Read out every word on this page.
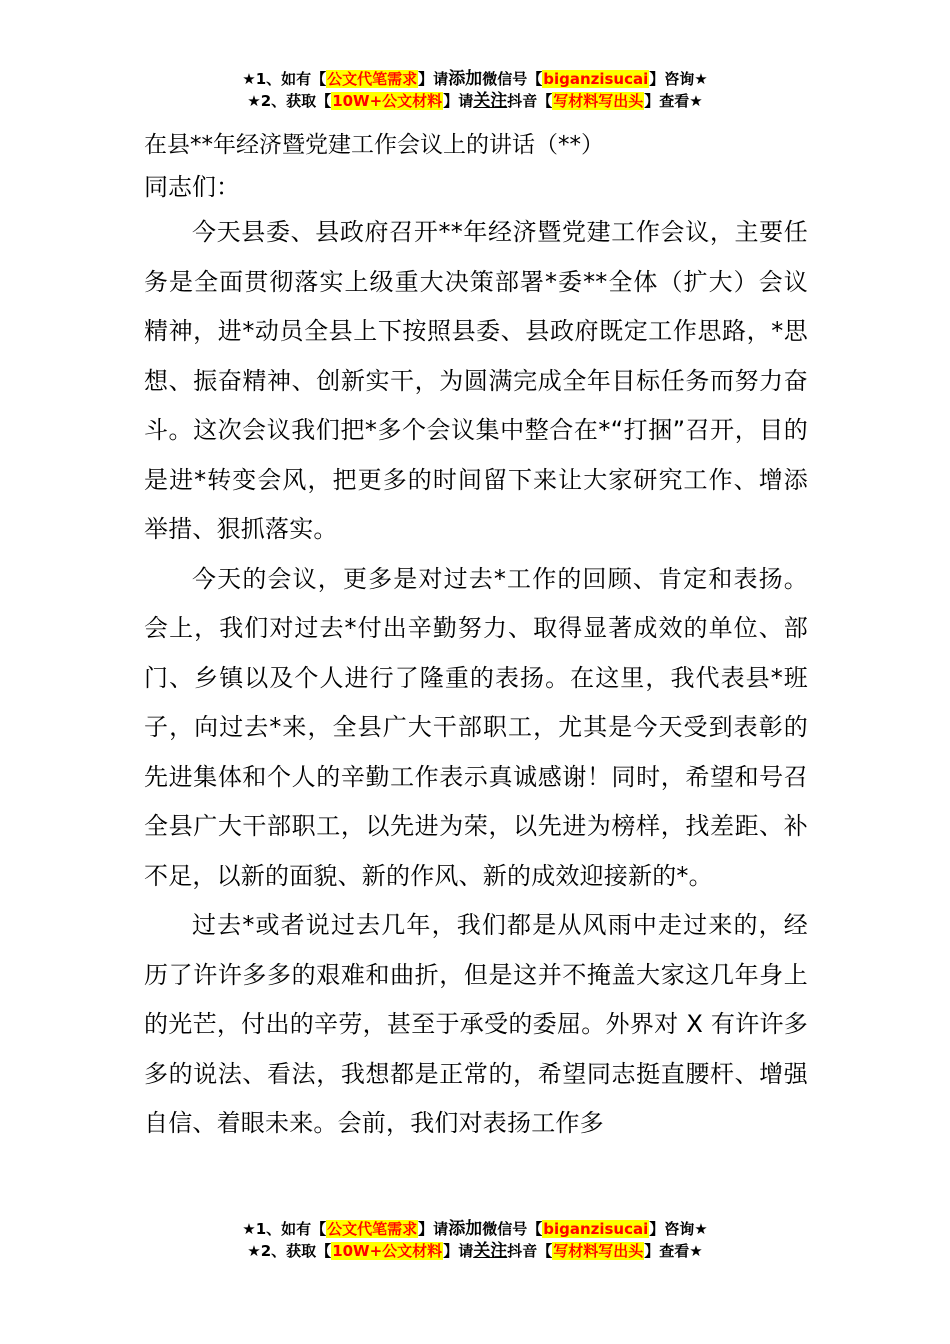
★1、如有【公文代笔需求】请添加微信号【biganzisucai】咨询★
★2、获取【10W+公文材料】请关注抖音【写材料写出头】查看★
在县**年经济暨党建工作会议上的讲话（**）

同志们：

今天县委、县政府召开**年经济暨党建工作会议，主要任务是全面贯彻落实上级重大决策部署*委**全体（扩大）会议精神，进*动员全县上下按照县委、县政府既定工作思路，*思想、振奋精神、创新实干，为圆满完成全年目标任务而努力奋斗。这次会议我们把*多个会议集中整合在*“打捆”召开，目的是进*转变会风，把更多的时间留下来让大家研究工作、增添举措、狠抓落实。

今天的会议，更多是对过去*工作的回顾、肯定和表扬。会上，我们对过去*付出辛勤努力、取得显著成效的单位、部门、乡镇以及个人进行了隆重的表扬。在这里，我代表县*班子，向过去*来，全县广大干部职工，尤其是今天受到表彰的先进集体和个人的辛勤工作表示真诚感谢！同时，希望和号召全县广大干部职工，以先进为荣，以先进为榜样，找差距、补不足，以新的面貌、新的作风、新的成效迎接新的*。

过去*或者说过去几年，我们都是从风雨中走过来的，经历了许许多多的艰难和曲折，但是这并不掩盖大家这几年身上的光芒，付出的辛劳，甚至于承受的委屈。外界对 X 有许许多多的说法、看法，我想都是正常的，希望同志挺直腰杆、增强自信、着眼未来。会前，我们对表扬工作多

★1、如有【公文代笔需求】请添加微信号【biganzisucai】咨询★
★2、获取【10W+公文材料】请关注抖音【写材料写出头】查看★
